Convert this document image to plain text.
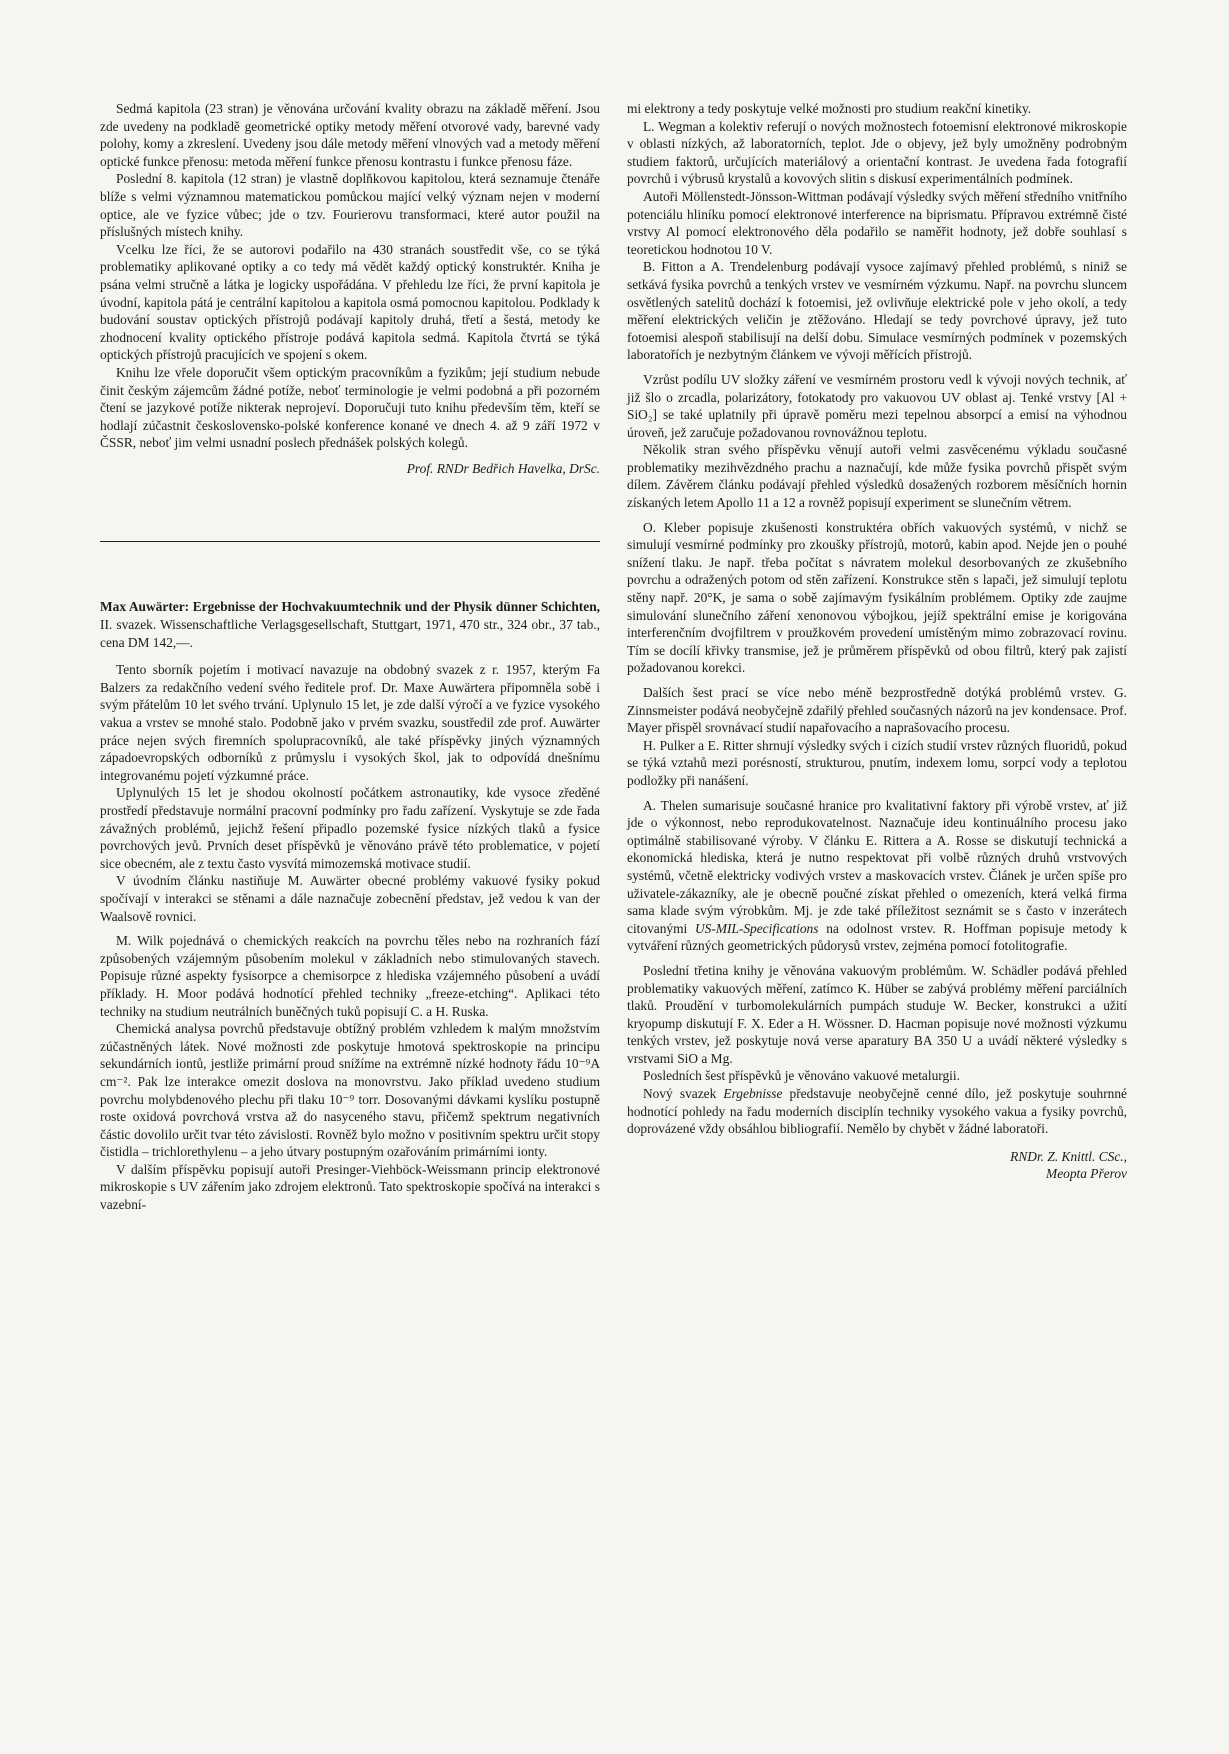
Sedmá kapitola (23 stran) je věnována určování kvality obrazu na základě měření. Jsou zde uvedeny na podkladě geometrické optiky metody měření otvorové vady, barevné vady polohy, komy a zkreslení. Uvedeny jsou dále metody měření vlnových vad a metody měření optické funkce přenosu: metoda měření funkce přenosu kontrastu i funkce přenosu fáze.

Poslední 8. kapitola (12 stran) je vlastně doplňkovou kapitolou, která seznamuje čtenáře blíže s velmi významnou matematickou pomůckou mající velký význam nejen v moderní optice, ale ve fyzice vůbec; jde o tzv. Fourierovu transformaci, které autor použil na příslušných místech knihy.

Vcelku lze říci, že se autorovi podařilo na 430 stranách soustředit vše, co se týká problematiky aplikované optiky a co tedy má vědět každý optický konstruktér. Kniha je psána velmi stručně a látka je logicky uspořádána. V přehledu lze říci, že první kapitola je úvodní, kapitola pátá je centrální kapitolou a kapitola osmá pomocnou kapitolou. Podklady k budování soustav optických přístrojů podávají kapitoly druhá, třetí a šestá, metody ke zhodnocení kvality optického přístroje podává kapitola sedmá. Kapitola čtvrtá se týká optických přístrojů pracujících ve spojení s okem.

Knihu lze vřele doporučit všem optickým pracovníkům a fyzikům; její studium nebude činit českým zájemcům žádné potíže, neboť terminologie je velmi podobná a při pozorném čtení se jazykové potíže nikterak neprojeví. Doporučuji tuto knihu především těm, kteří se hodlají zúčastnit československo-polské konference konané ve dnech 4. až 9 září 1972 v ČSSR, neboť jim velmi usnadní poslech přednášek polských kolegů.

Prof. RNDr Bedřich Havelka, DrSc.

Max Auwärter: Ergebnisse der Hochvakuumtechnik und der Physik dünner Schichten, II. svazek. Wissenschaftliche Verlagsgesellschaft, Stuttgart, 1971, 470 str., 324 obr., 37 tab., cena DM 142,—.

Tento sborník pojetím i motivací navazuje na obdobný svazek z r. 1957, kterým Fa Balzers za redakčního vedení svého ředitele prof. Dr. Maxe Auwärtera připomněla sobě i svým přátelům 10 let svého trvání. Uplynulo 15 let, je zde další výročí a ve fyzice vysokého vakua a vrstev se mnohé stalo. Podobně jako v prvém svazku, soustředil zde prof. Auwärter práce nejen svých firemních spolupracovníků, ale také příspěvky jiných významných západoevropských odborníků z průmyslu i vysokých škol, jak to odpovídá dnešnímu integrovanému pojetí výzkumné práce.

Uplynulých 15 let je shodou okolností počátkem astronautiky, kde vysoce zředěné prostředí představuje normální pracovní podmínky pro řadu zařízení. Vyskytuje se zde řada závažných problémů, jejichž řešení připadlo pozemské fysice nízkých tlaků a fysice povrchových jevů. Prvních deset příspěvků je věnováno právě této problematice, v pojetí sice obecném, ale z textu často vysvítá mimozemská motivace studií.

V úvodním článku nastiňuje M. Auwärter obecné problémy vakuové fysiky pokud spočívají v interakci se stěnami a dále naznačuje zobecnění představ, jež vedou k van der Waalsově rovnici.

M. Wilk pojednává o chemických reakcích na povrchu těles nebo na rozhraních fází způsobených vzájemným působením molekul v základních nebo stimulovaných stavech. Popisuje různé aspekty fysisorpce a chemisorpce z hlediska vzájemného působení a uvádí příklady. H. Moor podává hodnotící přehled techniky „freeze-etching“. Aplikaci této techniky na studium neutrálních buněčných tuků popisují C. a H. Ruska.

Chemická analysa povrchů představuje obtížný problém vzhledem k malým množstvím zúčastněných látek. Nové možnosti zde poskytuje hmotová spektroskopie na principu sekundárních iontů, jestliže primární proud snížíme na extrémně nízké hodnoty řádu 10⁻⁹A cm⁻². Pak lze interakce omezit doslova na monovrstvu. Jako příklad uvedeno studium povrchu molybdenového plechu při tlaku 10⁻⁹ torr. Dosovanými dávkami kyslíku postupně roste oxidová povrchová vrstva až do nasyceného stavu, přičemž spektrum negativních částic dovolilo určit tvar této závislosti. Rovněž bylo možno v positivním spektru určit stopy čistidla – trichlorethylenu – a jeho útvary postupným ozařováním primárními ionty.

V dalším příspěvku popisují autoři Presinger-Viehböck-Weissmann princip elektronové mikroskopie s UV zářením jako zdrojem elektronů. Tato spektroskopie spočívá na interakci s vazební-

mi elektrony a tedy poskytuje velké možnosti pro studium reakční kinetiky.

L. Wegman a kolektiv referují o nových možnostech fotoemisní elektronové mikroskopie v oblasti nízkých, až laboratorních, teplot. Jde o objevy, jež byly umožněny podrobným studiem faktorů, určujících materiálový a orientační kontrast. Je uvedena řada fotografií povrchů i výbrusů krystalů a kovových slitin s diskusí experimentálních podmínek.

Autoři Möllenstedt-Jönsson-Wittman podávají výsledky svých měření středního vnitřního potenciálu hliníku pomocí elektronové interference na biprismatu. Přípravou extrémně čisté vrstvy Al pomocí elektronového děla podařilo se naměřit hodnoty, jež dobře souhlasí s teoretickou hodnotou 10 V.

B. Fitton a A. Trendelenburg podávají vysoce zajímavý přehled problémů, s niniž se setkává fysika povrchů a tenkých vrstev ve vesmírném výzkumu. Např. na povrchu sluncem osvětlených satelitů dochází k fotoemisi, jež ovlivňuje elektrické pole v jeho okolí, a tedy měření elektrických veličin je ztěžováno. Hledají se tedy povrchové úpravy, jež tuto fotoemisi alespoň stabilisují na delší dobu. Simulace vesmírných podmínek v pozemských laboratořích je nezbytným článkem ve vývoji měřících přístrojů.

Vzrůst podílu UV složky záření ve vesmírném prostoru vedl k vývoji nových technik, ať již šlo o zrcadla, polarizátory, fotokatody pro vakuovou UV oblast aj. Tenké vrstvy [Al + SiO₂] se také uplatnily při úpravě poměru mezi tepelnou absorpcí a emisí na výhodnou úroveň, jež zaručuje požadovanou rovnovážnou teplotu.

Několik stran svého příspěvku věnují autoři velmi zasvěcenému výkladu současné problematiky mezihvězdného prachu a naznačují, kde může fysika povrchů přispět svým dílem. Závěrem článku podávají přehled výsledků dosažených rozborem měsíčních hornin získaných letem Apollo 11 a 12 a rovněž popisují experiment se slunečním větrem.

O. Kleber popisuje zkušenosti konstruktéra obřích vakuových systémů, v nichž se simulují vesmírné podmínky pro zkoušky přístrojů, motorů, kabin apod. Nejde jen o pouhé snížení tlaku. Je např. třeba počítat s návratem molekul desorbovaných ze zkušebního povrchu a odražených potom od stěn zařízení. Konstrukce stěn s lapači, jež simulují teplotu stěny např. 20°K, je sama o sobě zajímavým fysikálním problémem. Optiky zde zaujme simulování slunečního záření xenonovou výbojkou, jejíž spektrální emise je korigována interferenčním dvojfiltrem v proužkovém provedení umístěným mimo zobrazovací rovinu. Tím se docílí křivky transmise, jež je průměrem příspěvků od obou filtrů, který pak zajistí požadovanou korekci.

Dalších šest prací se více nebo méně bezprostředně dotýká problémů vrstev. G. Zinnsmeister podává neobyčejně zdařilý přehled současných názorů na jev kondensace. Prof. Mayer přispěl srovnávací studií napařovacího a naprašovacího procesu.

H. Pulker a E. Ritter shrnují výsledky svých i cizích studií vrstev různých fluoridů, pokud se týká vztahů mezi porésností, strukturou, pnutím, indexem lomu, sorpcí vody a teplotou podložky při nanášení.

A. Thelen sumarisuje současné hranice pro kvalitativní faktory při výrobě vrstev, ať již jde o výkonnost, nebo reprodukovatelnost. Naznačuje ideu kontinuálního procesu jako optimálně stabilisované výroby. V článku E. Rittera a A. Rosse se diskutují technická a ekonomická hlediska, která je nutno respektovat při volbě různých druhů vrstvových systémů, včetně elektricky vodivých vrstev a maskovacích vrstev. Článek je určen spíše pro uživatele-zákazníky, ale je obecně poučné získat přehled o omezeních, která velká firma sama klade svým výrobkům. Mj. je zde také příležitost seznámit se s často v inzerátech citovanými US-MIL-Specifications na odolnost vrstev. R. Hoffman popisuje metody k vytváření různých geometrických půdorysů vrstev, zejména pomocí fotolitografie.

Poslední třetina knihy je věnována vakuovým problémům. W. Schädler podává přehled problematiky vakuových měření, zatímco K. Hüber se zabývá problémy měření parciálních tlaků. Proudění v turbomolekulárních pumpách studuje W. Becker, konstrukci a užití kryopump diskutují F. X. Eder a H. Wössner. D. Hacman popisuje nové možnosti výzkumu tenkých vrstev, jež poskytuje nová verse aparatury BA 350 U a uvádí některé výsledky s vrstvami SiO a Mg.

Posledních šest příspěvků je věnováno vakuové metalurgii.

Nový svazek Ergebnisse představuje neobyčejně cenné dílo, jež poskytuje souhrnné hodnotící pohledy na řadu moderních disciplín techniky vysokého vakua a fysiky povrchů, doprovázené vždy obsáhlou bibliografií. Nemělo by chybět v žádné laboratoři.

RNDr. Z. Knittl. CSc.,
Meopta Přerov
